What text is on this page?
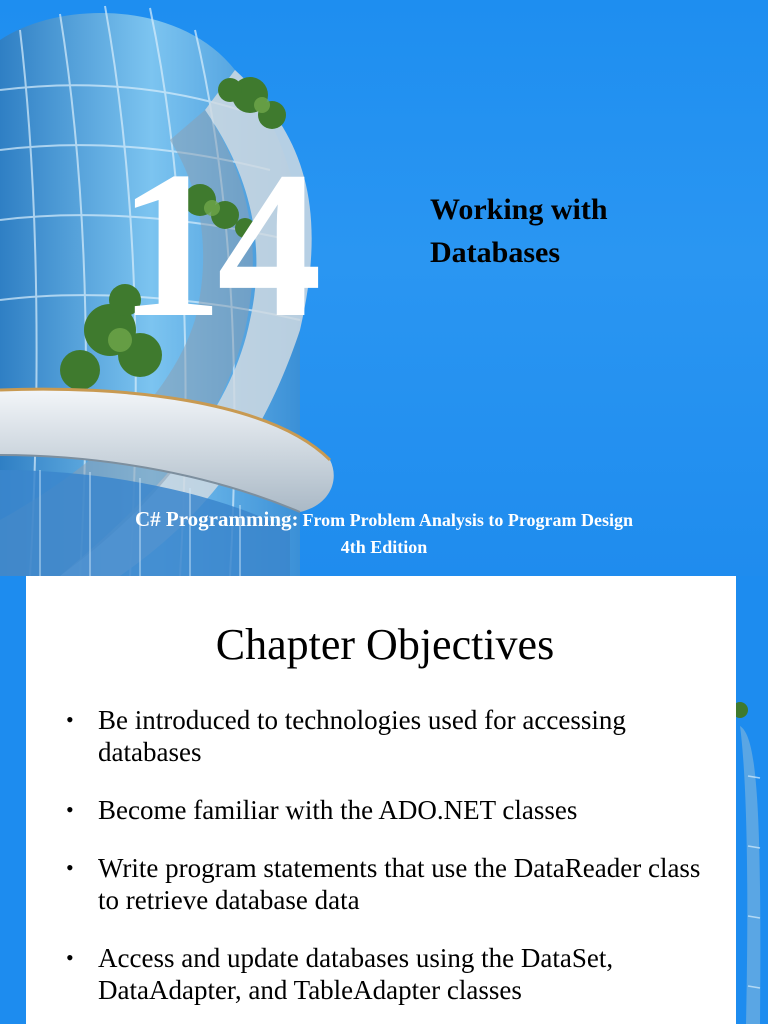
14	Working with
Databases
C# Programming: From Problem Analysis to Program Design
4th Edition
Chapter Objectives
• Be introduced to technologies used for accessing databases
• Become familiar with the ADO.NET classes
• Write program statements that use the DataReader class to retrieve database data
• Access and update databases using the DataSet, DataAdapter, and TableAdapter classes
